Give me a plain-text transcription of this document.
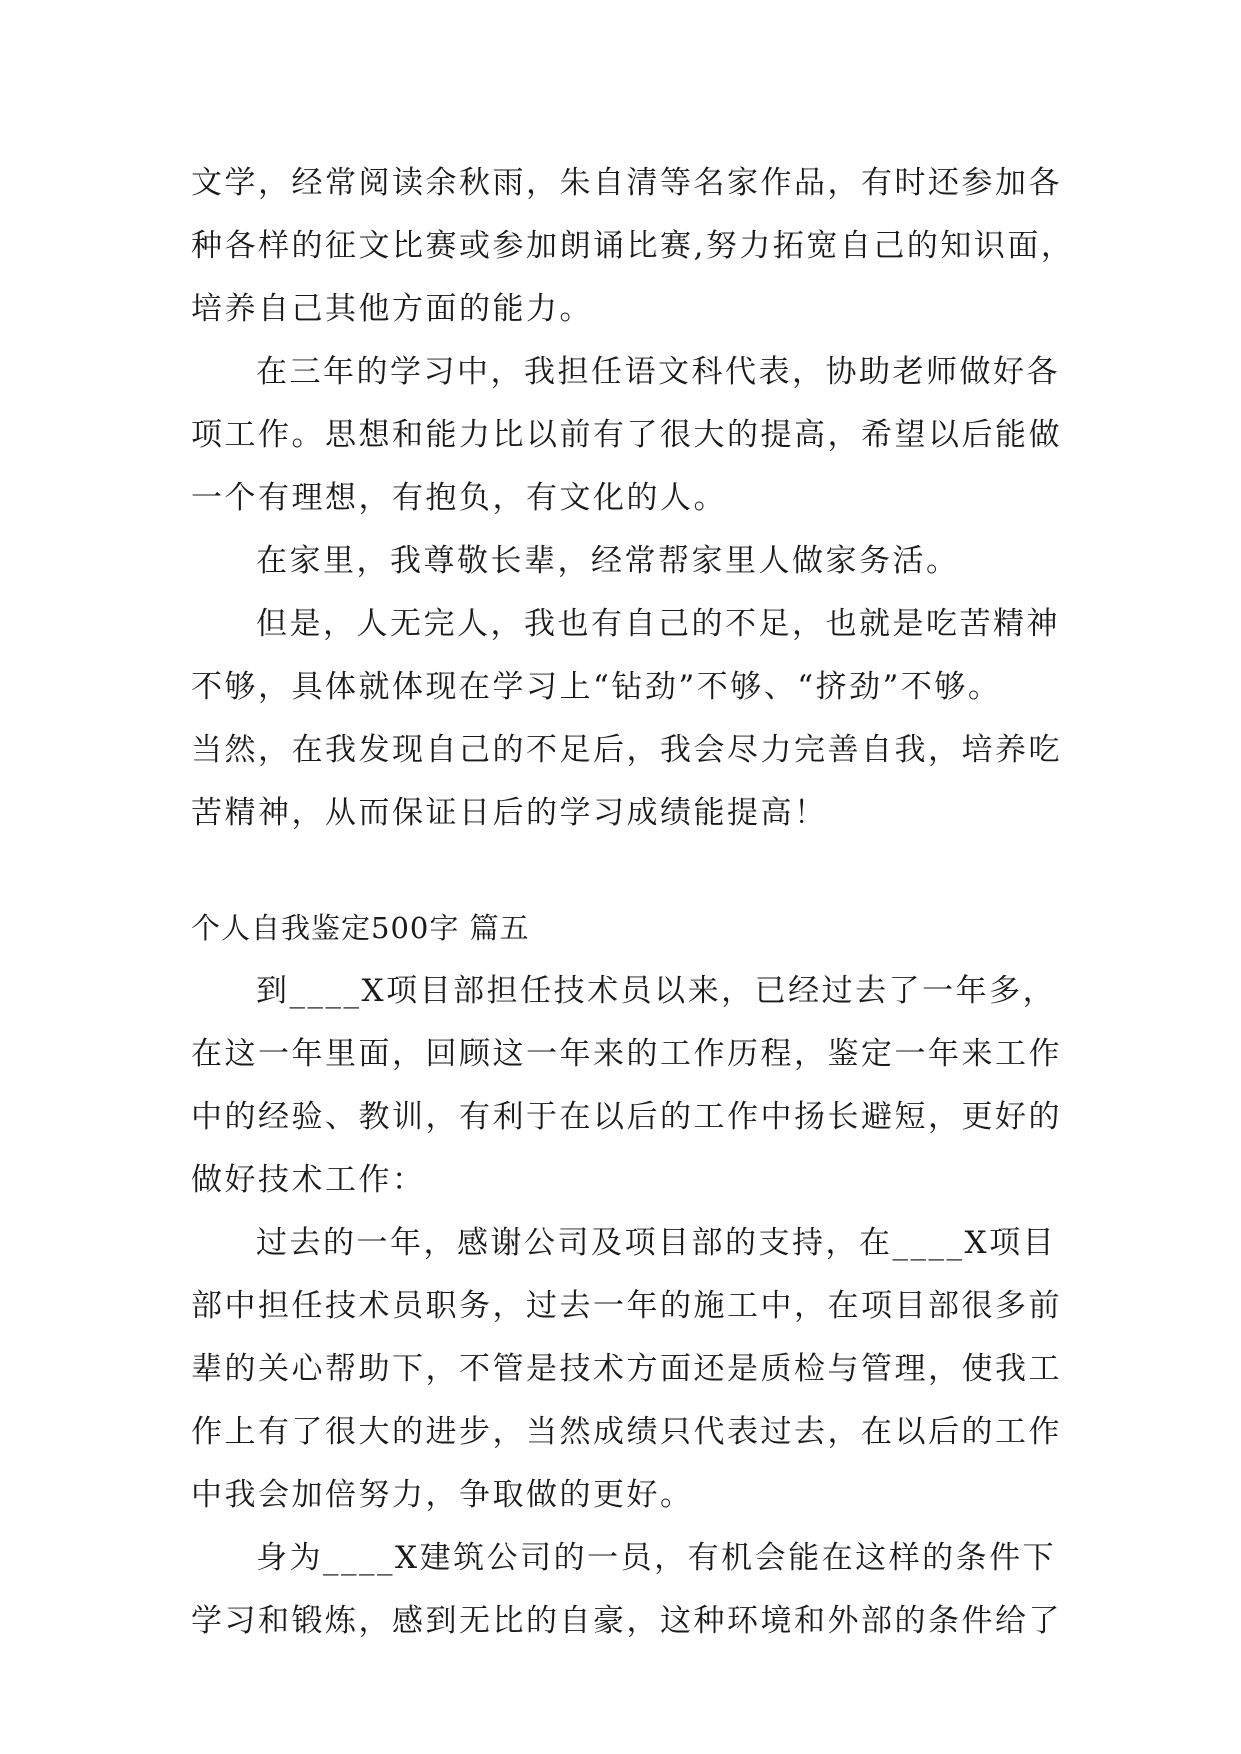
文学，经常阅读余秋雨，朱自清等名家作品，有时还参加各
种各样的征文比赛或参加朗诵比赛,努力拓宽自己的知识面，
培养自己其他方面的能力。
在三年的学习中，我担任语文科代表，协助老师做好各
项工作。思想和能力比以前有了很大的提高，希望以后能做
一个有理想，有抱负，有文化的人。
在家里，我尊敬长辈，经常帮家里人做家务活。
但是，人无完人，我也有自己的不足，也就是吃苦精神
不够，具体就体现在学习上“钻劲”不够、“挤劲”不够。
当然，在我发现自己的不足后，我会尽力完善自我，培养吃
苦精神，从而保证日后的学习成绩能提高！
个人自我鉴定500字 篇五
到____X项目部担任技术员以来，已经过去了一年多，
在这一年里面，回顾这一年来的工作历程，鉴定一年来工作
中的经验、教训，有利于在以后的工作中扬长避短，更好的
做好技术工作：
过去的一年，感谢公司及项目部的支持，在____X项目
部中担任技术员职务，过去一年的施工中，在项目部很多前
辈的关心帮助下，不管是技术方面还是质检与管理，使我工
作上有了很大的进步，当然成绩只代表过去，在以后的工作
中我会加倍努力，争取做的更好。
身为____X建筑公司的一员，有机会能在这样的条件下
学习和锻炼，感到无比的自豪，这种环境和外部的条件给了
